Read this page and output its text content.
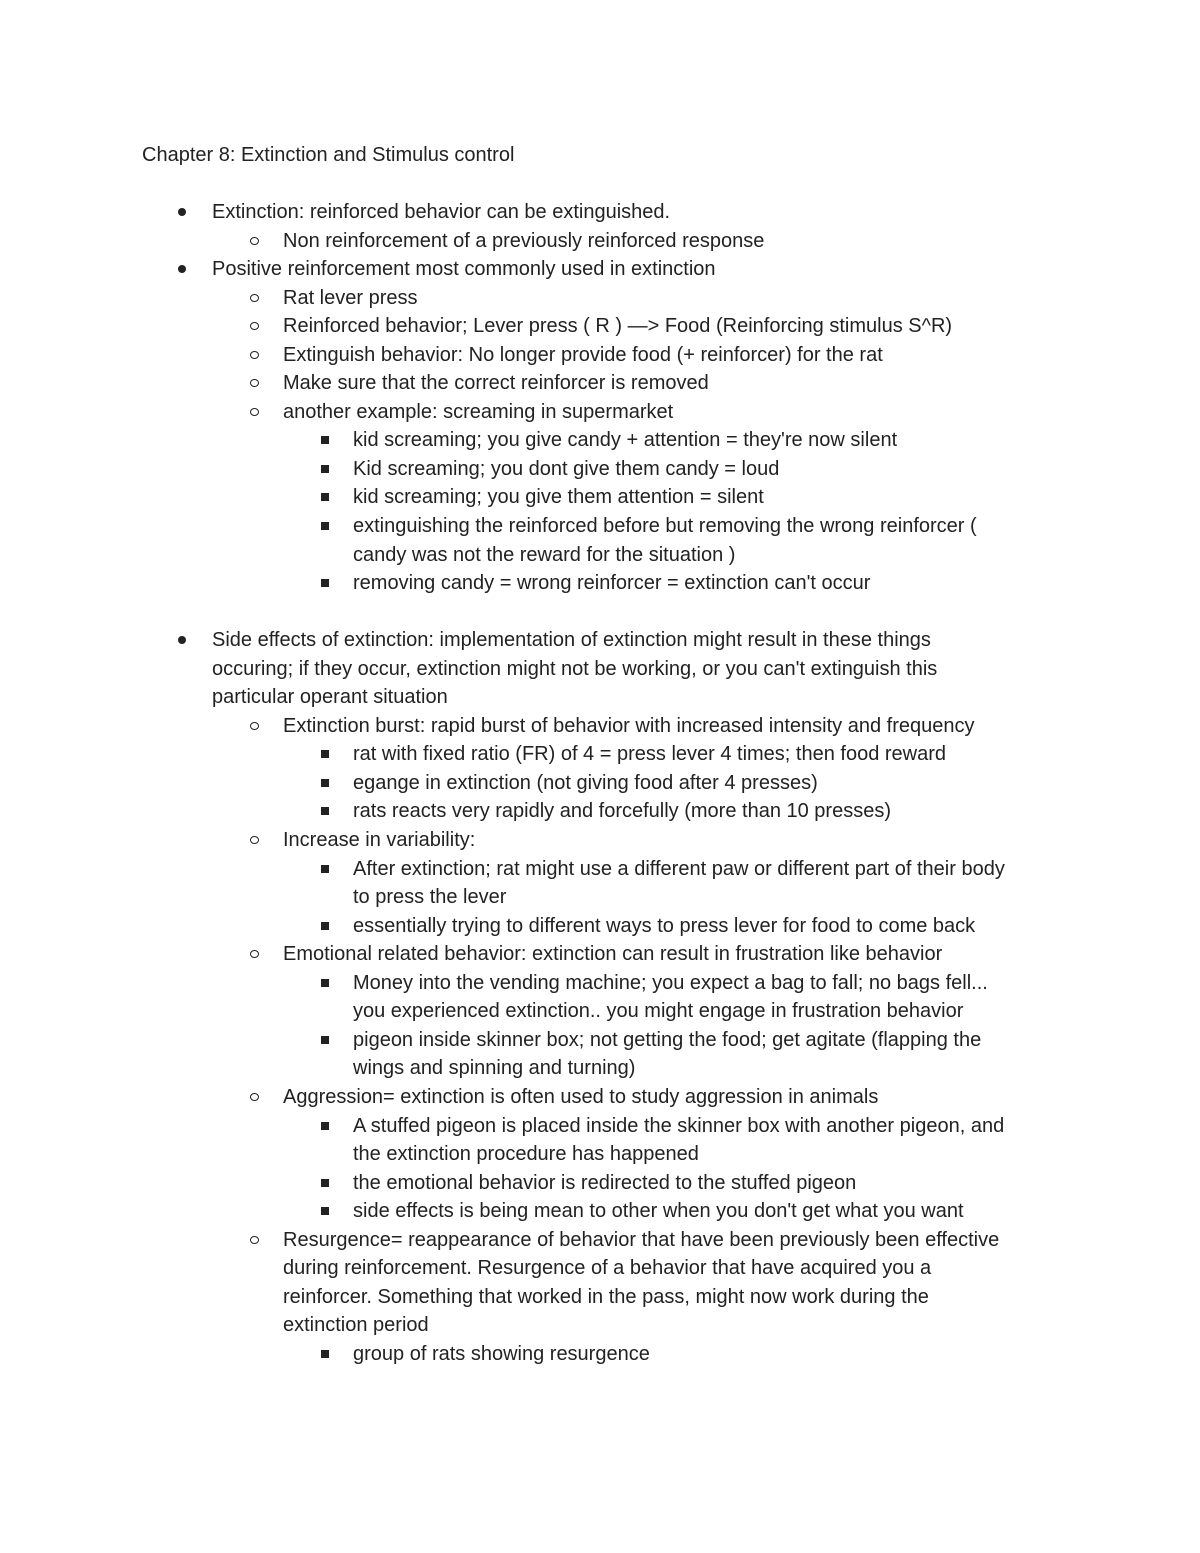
Chapter 8: Extinction and Stimulus control
Extinction: reinforced behavior can be extinguished.
Non reinforcement of a previously reinforced response
Positive reinforcement most commonly used in extinction
Rat lever press
Reinforced behavior; Lever press ( R ) —> Food (Reinforcing stimulus S^R)
Extinguish behavior: No longer provide food (+ reinforcer) for the rat
Make sure that the correct reinforcer is removed
another example: screaming in supermarket
kid screaming; you give candy + attention = they're now silent
Kid screaming; you dont give them candy = loud
kid screaming; you give them attention = silent
extinguishing the reinforced before but removing the wrong reinforcer (
candy was not the reward for the situation )
removing candy = wrong reinforcer = extinction can't occur
Side effects of extinction: implementation of extinction might result in these things
occuring; if they occur, extinction might not be working, or you can't extinguish this
particular operant situation
Extinction burst: rapid burst of behavior with increased intensity and frequency
rat with fixed ratio (FR) of 4 = press lever 4 times; then food reward
egange in extinction (not giving food after 4 presses)
rats reacts very rapidly and forcefully (more than 10 presses)
Increase in variability:
After extinction; rat might use a different paw or different part of their body
to press the lever
essentially trying to different ways to press lever for food to come back
Emotional related behavior: extinction can result in frustration like behavior
Money into the vending machine; you expect a bag to fall; no bags fell...
you experienced extinction.. you might engage in frustration behavior
pigeon inside skinner box; not getting the food; get agitate (flapping the
wings and spinning and turning)
Aggression= extinction is often used to study aggression in animals
A stuffed pigeon is placed inside the skinner box with another pigeon, and
the extinction procedure has happened
the emotional behavior is redirected to the stuffed pigeon
side effects is being mean to other when you don't get what you want
Resurgence= reappearance of behavior that have been previously been effective
during reinforcement. Resurgence of a behavior that have acquired you a
reinforcer. Something that worked in the pass, might now work during the
extinction period
group of rats showing resurgence
